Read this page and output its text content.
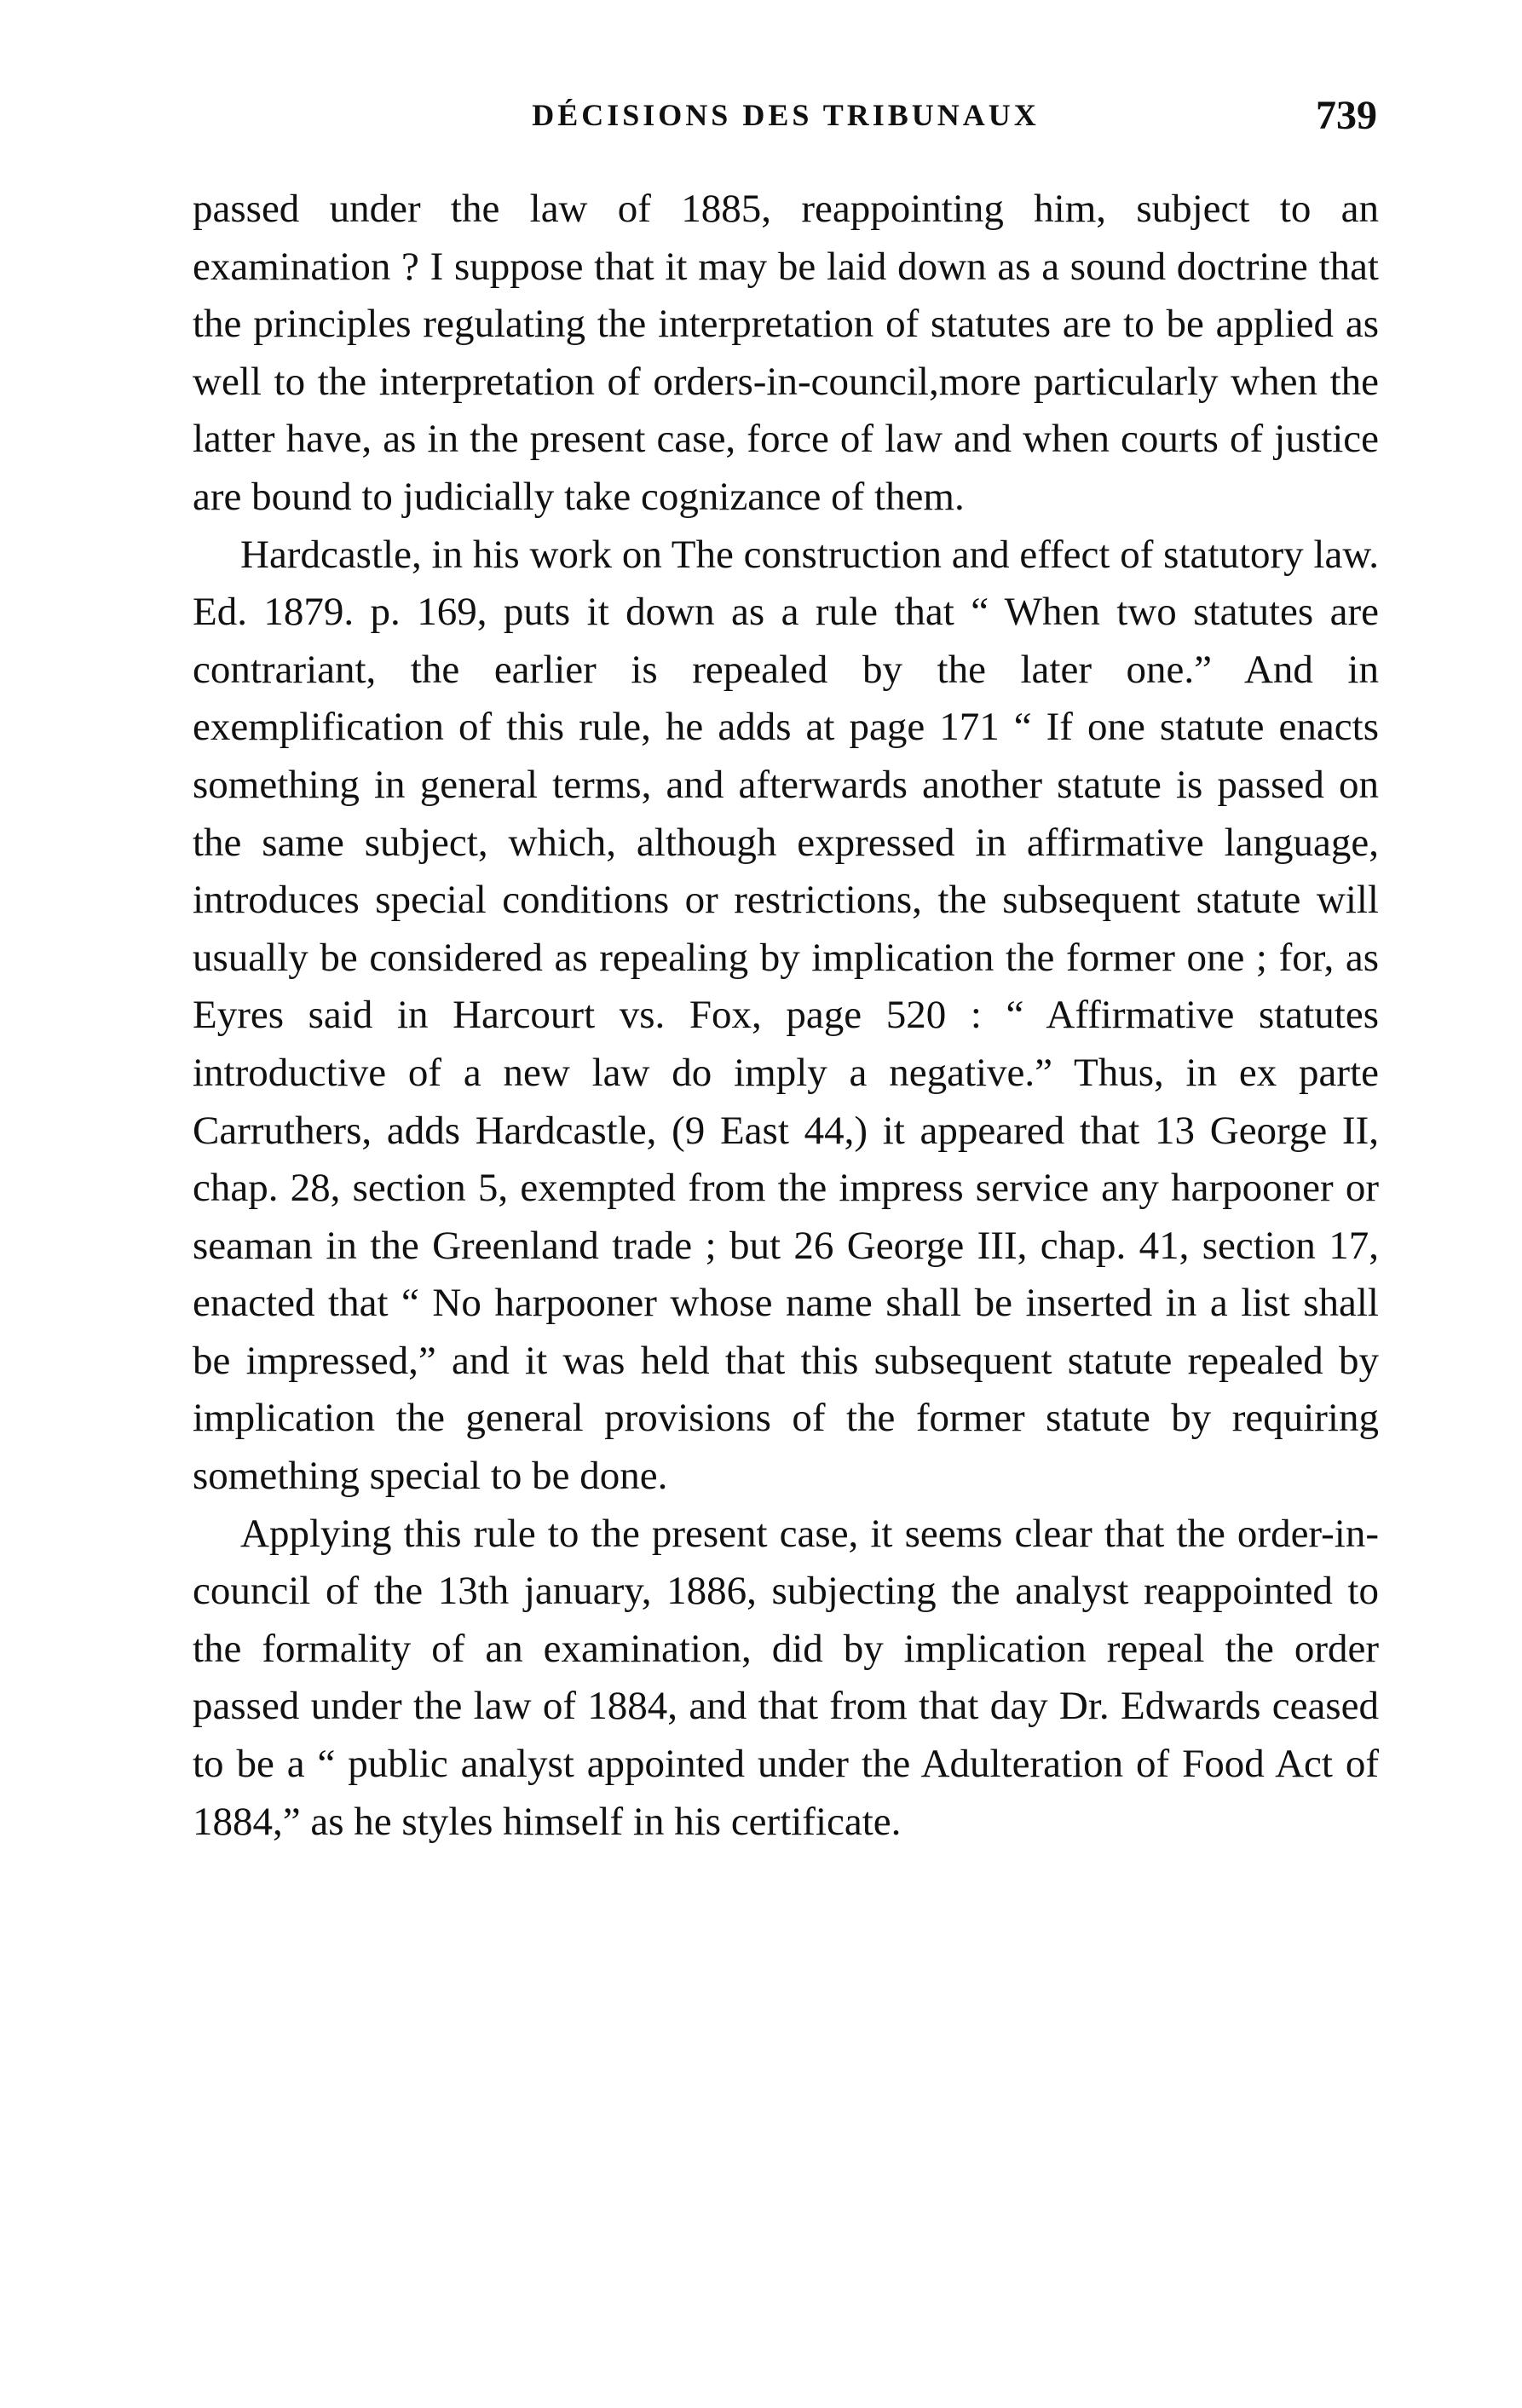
DÉCISIONS DES TRIBUNAUX	739

passed under the law of 1885, reappointing him, subject to an examination ? I suppose that it may be laid down as a sound doctrine that the principles regulating the interpretation of statutes are to be applied as well to the interpretation of orders-in-council,more particularly when the latter have, as in the present case, force of law and when courts of justice are bound to judicially take cognizance of them.

Hardcastle, in his work on The construction and effect of statutory law. Ed. 1879. p. 169, puts it down as a rule that “ When two statutes are contrariant, the earlier is repealed by the later one.” And in exemplification of this rule, he adds at page 171 “ If one statute enacts something in general terms, and afterwards another statute is passed on the same subject, which, although expressed in affirmative language, introduces special conditions or restrictions, the subsequent statute will usually be considered as repealing by implication the former one ; for, as Eyres said in Harcourt vs. Fox, page 520 : “ Affirmative statutes introductive of a new law do imply a negative.” Thus, in ex parte Carruthers, adds Hardcastle, (9 East 44,) it appeared that 13 George II, chap. 28, section 5, exempted from the impress service any harpooner or seaman in the Greenland trade ; but 26 George III, chap. 41, section 17, enacted that “ No harpooner whose name shall be inserted in a list shall be impressed,” and it was held that this subsequent statute repealed by implication the general provisions of the former statute by requiring something special to be done.

Applying this rule to the present case, it seems clear that the order-in-council of the 13th january, 1886, subjecting the analyst reappointed to the formality of an examination, did by implication repeal the order passed under the law of 1884, and that from that day Dr. Edwards ceased to be a “ public analyst appointed under the Adulteration of Food Act of 1884,” as he styles himself in his certificate.
